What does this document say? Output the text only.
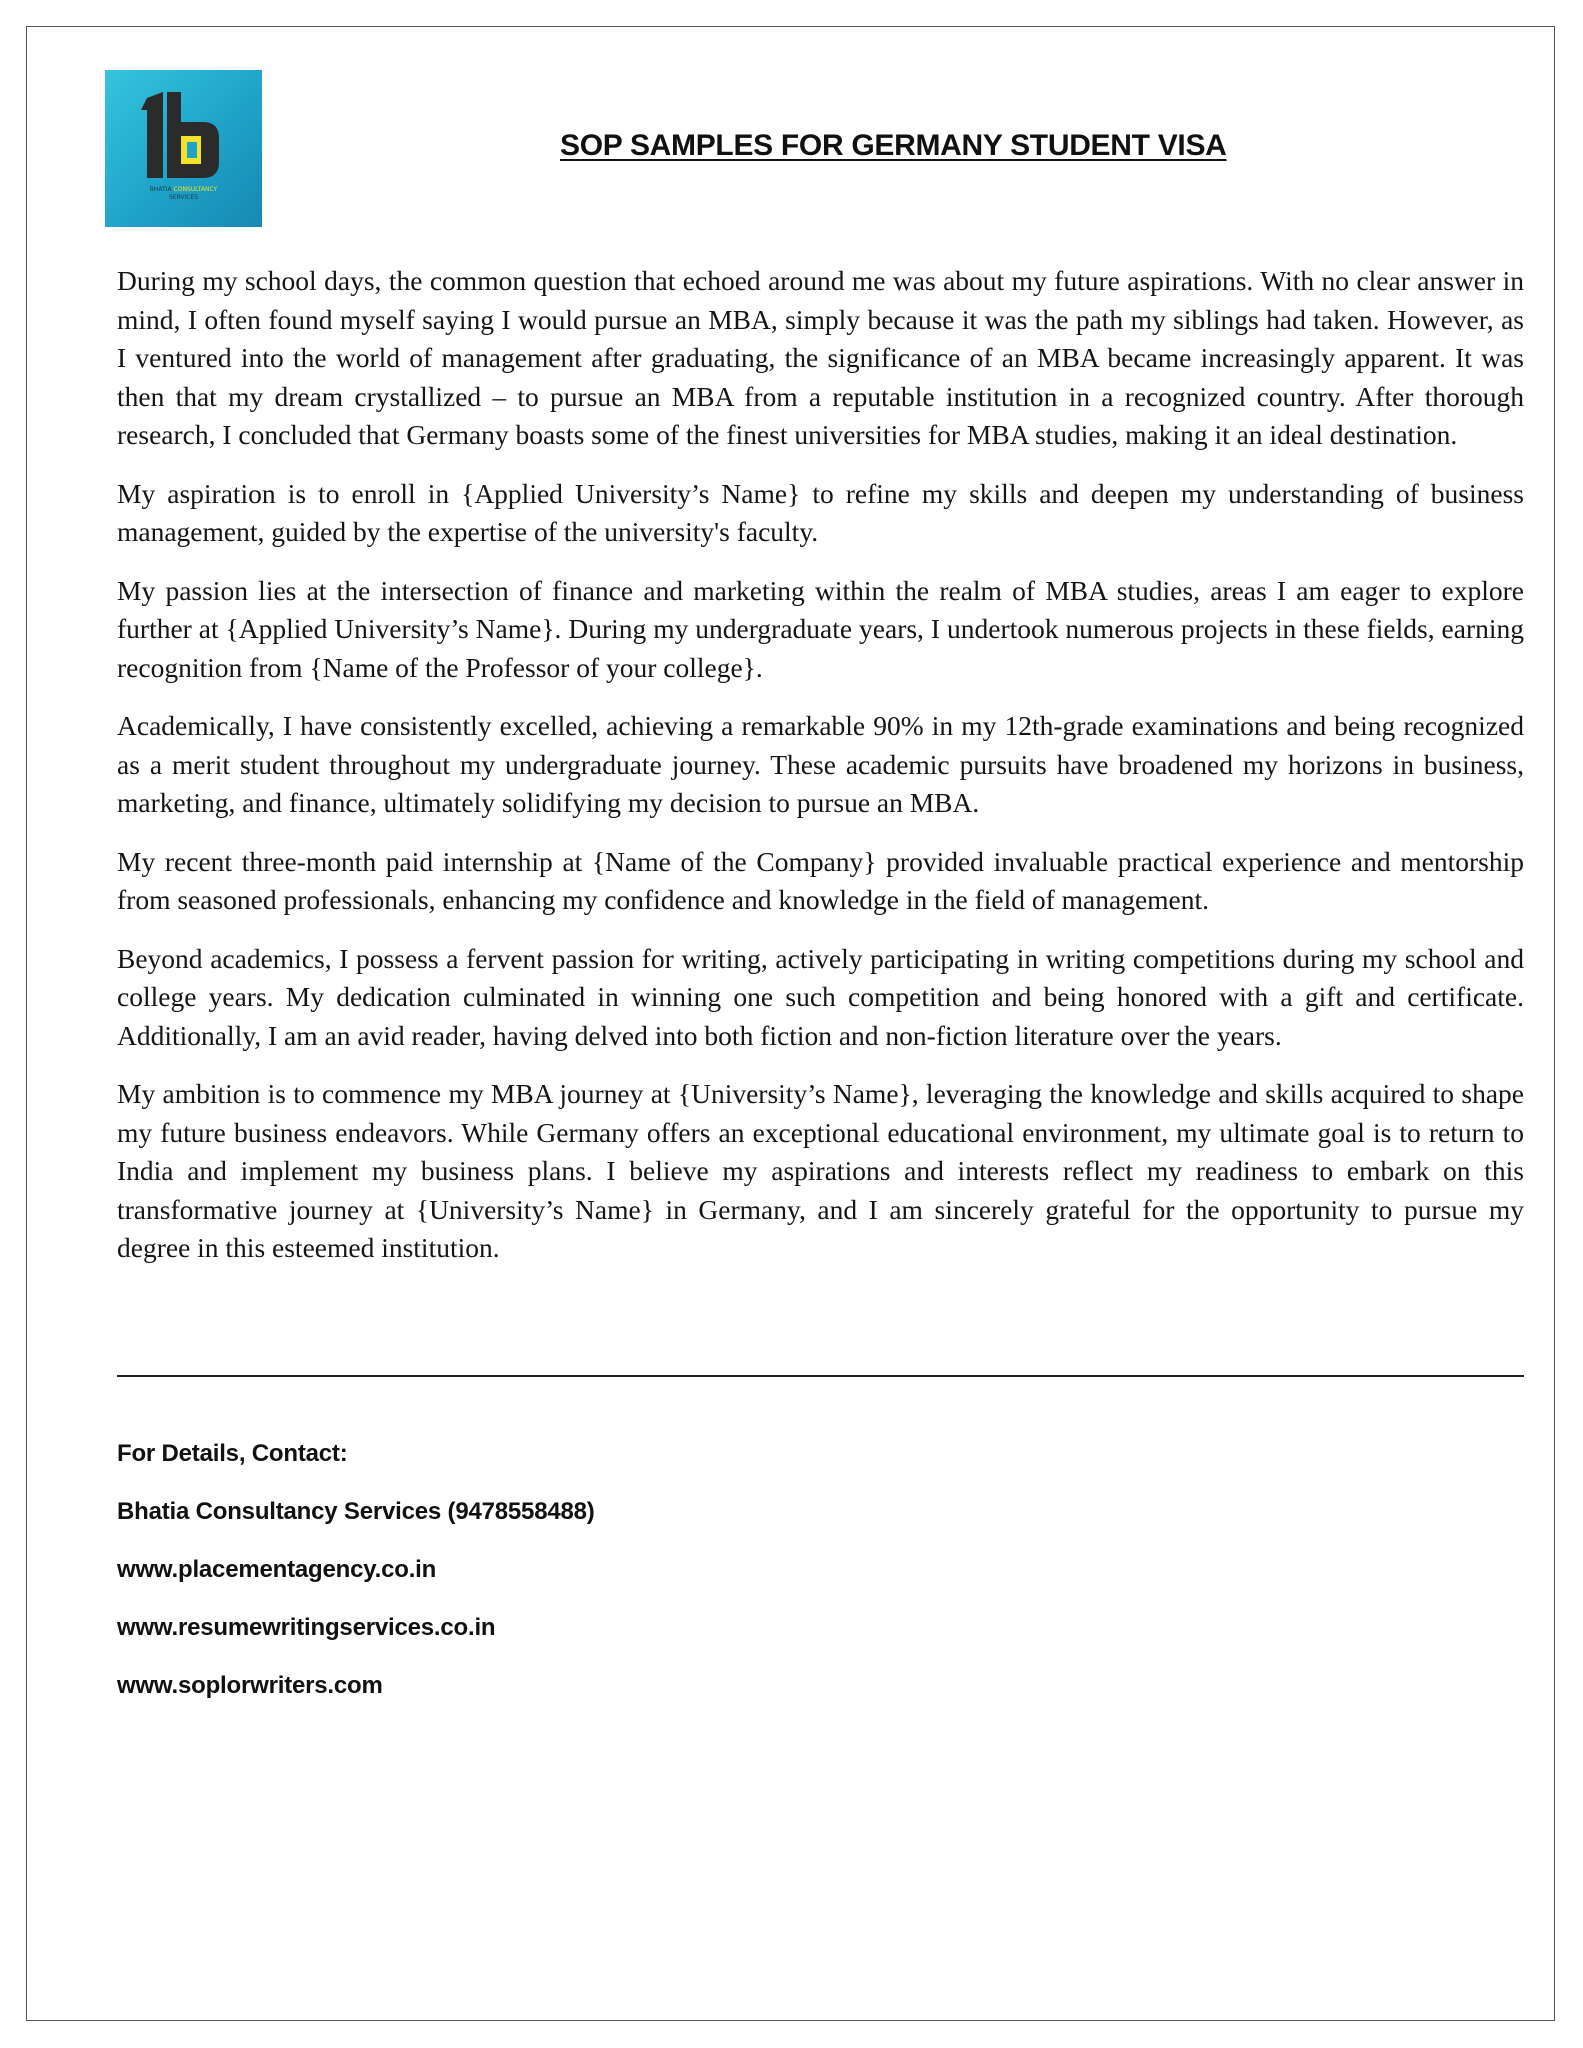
BHATIA CONSULTANCY
SERVICES
SOP SAMPLES FOR GERMANY STUDENT VISA

During my school days, the common question that echoed around me was about my future aspirations. With no clear answer in mind, I often found myself saying I would pursue an MBA, simply because it was the path my siblings had taken. However, as I ventured into the world of management after graduating, the significance of an MBA became increasingly apparent. It was then that my dream crystallized – to pursue an MBA from a reputable institution in a recognized country. After thorough research, I concluded that Germany boasts some of the finest universities for MBA studies, making it an ideal destination.

My aspiration is to enroll in {Applied University’s Name} to refine my skills and deepen my understanding of business management, guided by the expertise of the university's faculty.

My passion lies at the intersection of finance and marketing within the realm of MBA studies, areas I am eager to explore further at {Applied University’s Name}. During my undergraduate years, I undertook numerous projects in these fields, earning recognition from {Name of the Professor of your college}.

Academically, I have consistently excelled, achieving a remarkable 90% in my 12th-grade examinations and being recognized as a merit student throughout my undergraduate journey. These academic pursuits have broadened my horizons in business, marketing, and finance, ultimately solidifying my decision to pursue an MBA.

My recent three-month paid internship at {Name of the Company} provided invaluable practical experience and mentorship from seasoned professionals, enhancing my confidence and knowledge in the field of management.

Beyond academics, I possess a fervent passion for writing, actively participating in writing competitions during my school and college years. My dedication culminated in winning one such competition and being honored with a gift and certificate. Additionally, I am an avid reader, having delved into both fiction and non-fiction literature over the years.

My ambition is to commence my MBA journey at {University’s Name}, leveraging the knowledge and skills acquired to shape my future business endeavors. While Germany offers an exceptional educational environment, my ultimate goal is to return to India and implement my business plans. I believe my aspirations and interests reflect my readiness to embark on this transformative journey at {University’s Name} in Germany, and I am sincerely grateful for the opportunity to pursue my degree in this esteemed institution.

For Details, Contact:
Bhatia Consultancy Services (9478558488)
www.placementagency.co.in
www.resumewritingservices.co.in
www.soplorwriters.com
